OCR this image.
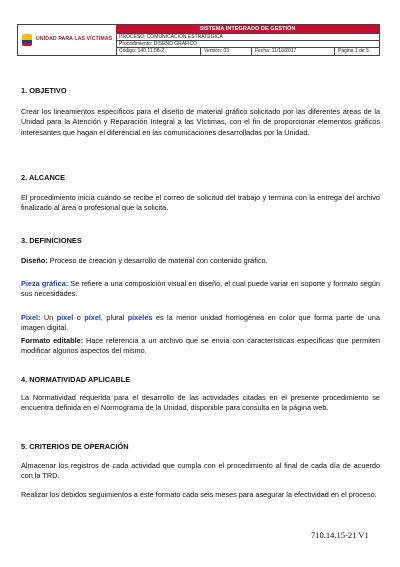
UNIDAD PARA LAS VÍCTIMAS
SISTEMA INTEGRADO DE GESTIÓN
PROCESO: COMUNICACIÓN ESTRATÉGICA
Procedimiento: DISEÑO GRÁFICO
Código: 140.11.08-2	Versión: 03	Fecha: 11/10/2017	Página 1 de 5
1. OBJETIVO

Crear los lineamientos específicos para el diseño de material gráfico solicitado por las diferentes áreas de la Unidad para la Atención y Reparación Integral a las Víctimas, con el fin de proporcionar elementos gráficos interesantes que hagan el diferencial en las comunicaciones desarrolladas por la Unidad.

2. ALCANCE

El procedimiento inicia cuando se recibe el correo de solicitud del trabajo y termina con la entrega del archivo finalizado al área o profesional que la solicita.

3. DEFINICIONES

Diseño: Proceso de creación y desarrollo de material con contenido gráfico.

Pieza gráfica: Se refiere a una composición visual en diseño, el cual puede variar en soporte y formato según sus necesidades.

Pixel: Un pixel o píxel, plural píxeles es la menor unidad homogénea en color que forma parte de una imagen digital.

Formato editable: Hace referencia a un archivo que se envía con características específicas que permiten modificar algunos aspectos del mismo.

4. NORMATIVIDAD APLICABLE

La Normatividad requerida para el desarrollo de las actividades citadas en el presente procedimiento se encuentra definida en el Normograma de la Unidad, disponible para consulta en la página web.

5. CRITERIOS DE OPERACIÓN

Almacenar los registros de cada actividad que cumpla con el procedimiento al final de cada día de acuerdo con la TRD.

Realizar los debidos seguimientos a este formato cada seis meses para asegurar la efectividad en el proceso.

710.14.15-21 V1
